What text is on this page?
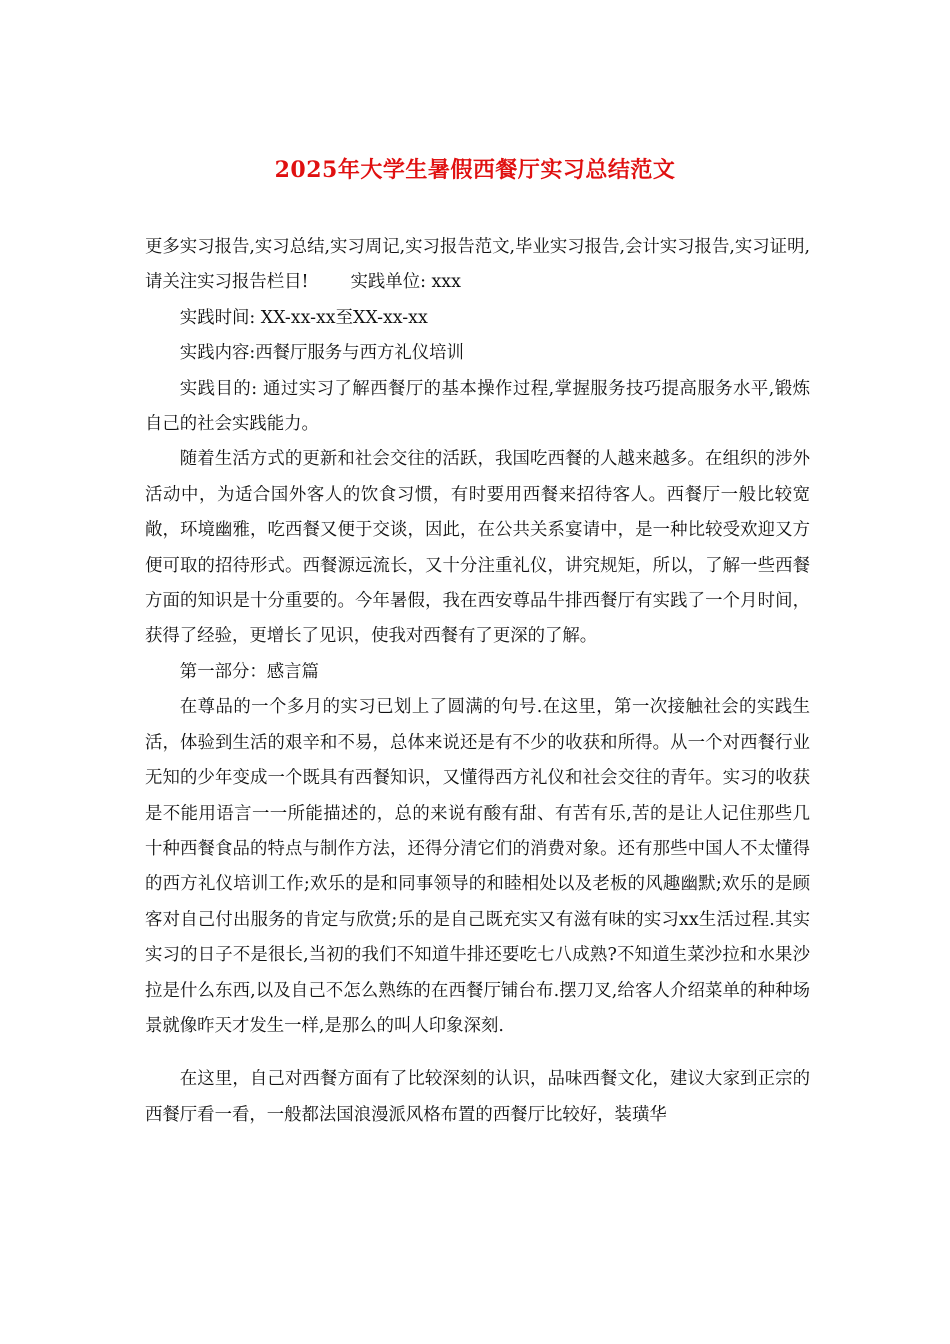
2025年大学生暑假西餐厅实习总结范文

更多实习报告,实习总结,实习周记,实习报告范文,毕业实习报告,会计实习报告,实习证明,请关注实习报告栏目! 实践单位: xxx

实践时间: XX-xx-xx至XX-xx-xx

实践内容:西餐厅服务与西方礼仪培训

实践目的: 通过实习了解西餐厅的基本操作过程,掌握服务技巧提高服务水平,锻炼自己的社会实践能力。

随着生活方式的更新和社会交往的活跃，我国吃西餐的人越来越多。在组织的涉外活动中，为适合国外客人的饮食习惯，有时要用西餐来招待客人。西餐厅一般比较宽敞，环境幽雅，吃西餐又便于交谈，因此，在公共关系宴请中，是一种比较受欢迎又方便可取的招待形式。西餐源远流长，又十分注重礼仪，讲究规矩，所以，了解一些西餐方面的知识是十分重要的。今年暑假，我在西安尊品牛排西餐厅有实践了一个月时间，获得了经验，更增长了见识，使我对西餐有了更深的了解。

第一部分：感言篇

在尊品的一个多月的实习已划上了圆满的句号.在这里，第一次接触社会的实践生活，体验到生活的艰辛和不易，总体来说还是有不少的收获和所得。从一个对西餐行业无知的少年变成一个既具有西餐知识，又懂得西方礼仪和社会交往的青年。实习的收获是不能用语言一一所能描述的，总的来说有酸有甜、有苦有乐,苦的是让人记住那些几十种西餐食品的特点与制作方法，还得分清它们的消费对象。还有那些中国人不太懂得的西方礼仪培训工作;欢乐的是和同事领导的和睦相处以及老板的风趣幽默;欢乐的是顾客对自己付出服务的肯定与欣赏;乐的是自己既充实又有滋有味的实习xx生活过程.其实实习的日子不是很长,当初的我们不知道牛排还要吃七八成熟?不知道生菜沙拉和水果沙拉是什么东西,以及自己不怎么熟练的在西餐厅铺台布.摆刀叉,给客人介绍菜单的种种场景就像昨天才发生一样,是那么的叫人印象深刻.

在这里，自己对西餐方面有了比较深刻的认识，品味西餐文化，建议大家到正宗的西餐厅看一看，一般都法国浪漫派风格布置的西餐厅比较好，装璜华
